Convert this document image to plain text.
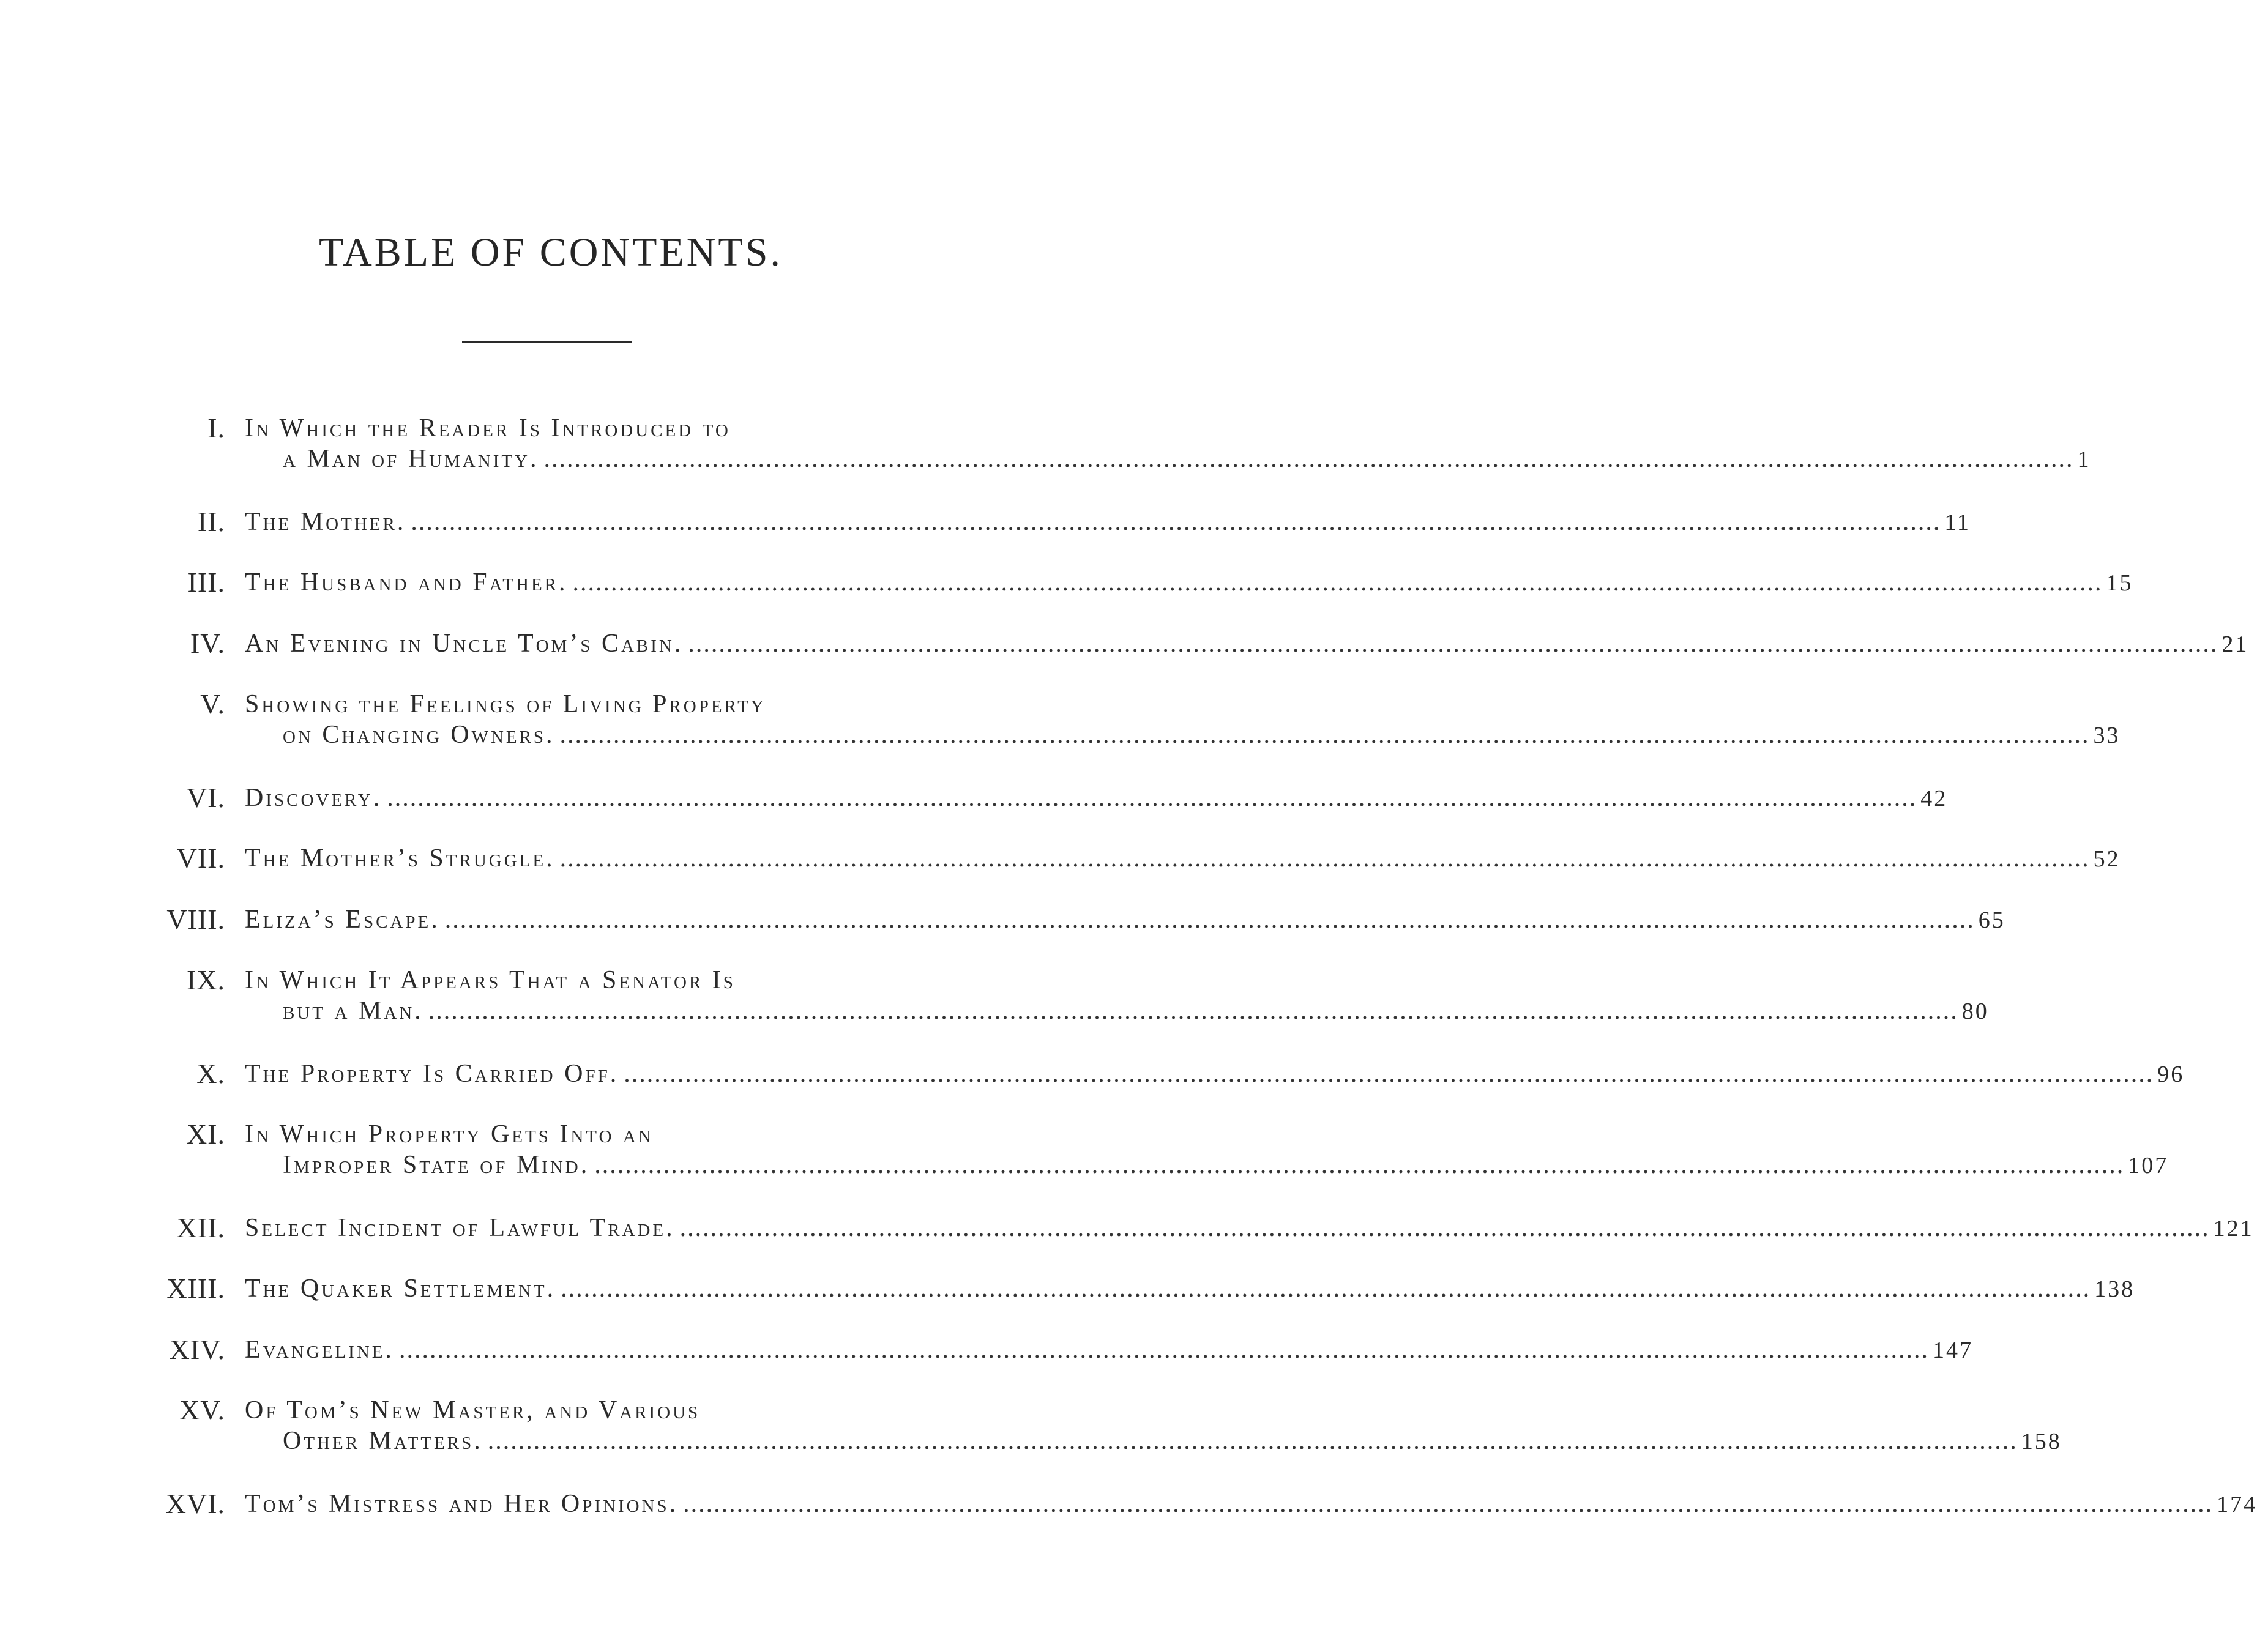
TABLE OF CONTENTS.
I. In Which the Reader Is Introduced to
a Man of Humanity. ........................................................................................................................................................................................................ 1
II. The Mother. ........................................................................................................................................................................................................ 11
III. The Husband and Father. ........................................................................................................................................................................................................ 15
IV. An Evening in Uncle Tom’s Cabin. ........................................................................................................................................................................................................ 21
V. Showing the Feelings of Living Property
on Changing Owners. ........................................................................................................................................................................................................ 33
VI. Discovery. ........................................................................................................................................................................................................ 42
VII. The Mother’s Struggle. ........................................................................................................................................................................................................ 52
VIII. Eliza’s Escape. ........................................................................................................................................................................................................ 65
IX. In Which It Appears That a Senator Is
but a Man. ........................................................................................................................................................................................................ 80
X. The Property Is Carried Off. ........................................................................................................................................................................................................ 96
XI. In Which Property Gets Into an
Improper State of Mind. ........................................................................................................................................................................................................ 107
XII. Select Incident of Lawful Trade. ........................................................................................................................................................................................................ 121
XIII. The Quaker Settlement. ........................................................................................................................................................................................................ 138
XIV. Evangeline. ........................................................................................................................................................................................................ 147
XV. Of Tom’s New Master, and Various
Other Matters. ........................................................................................................................................................................................................ 158
XVI. Tom’s Mistress and Her Opinions. ........................................................................................................................................................................................................ 174
